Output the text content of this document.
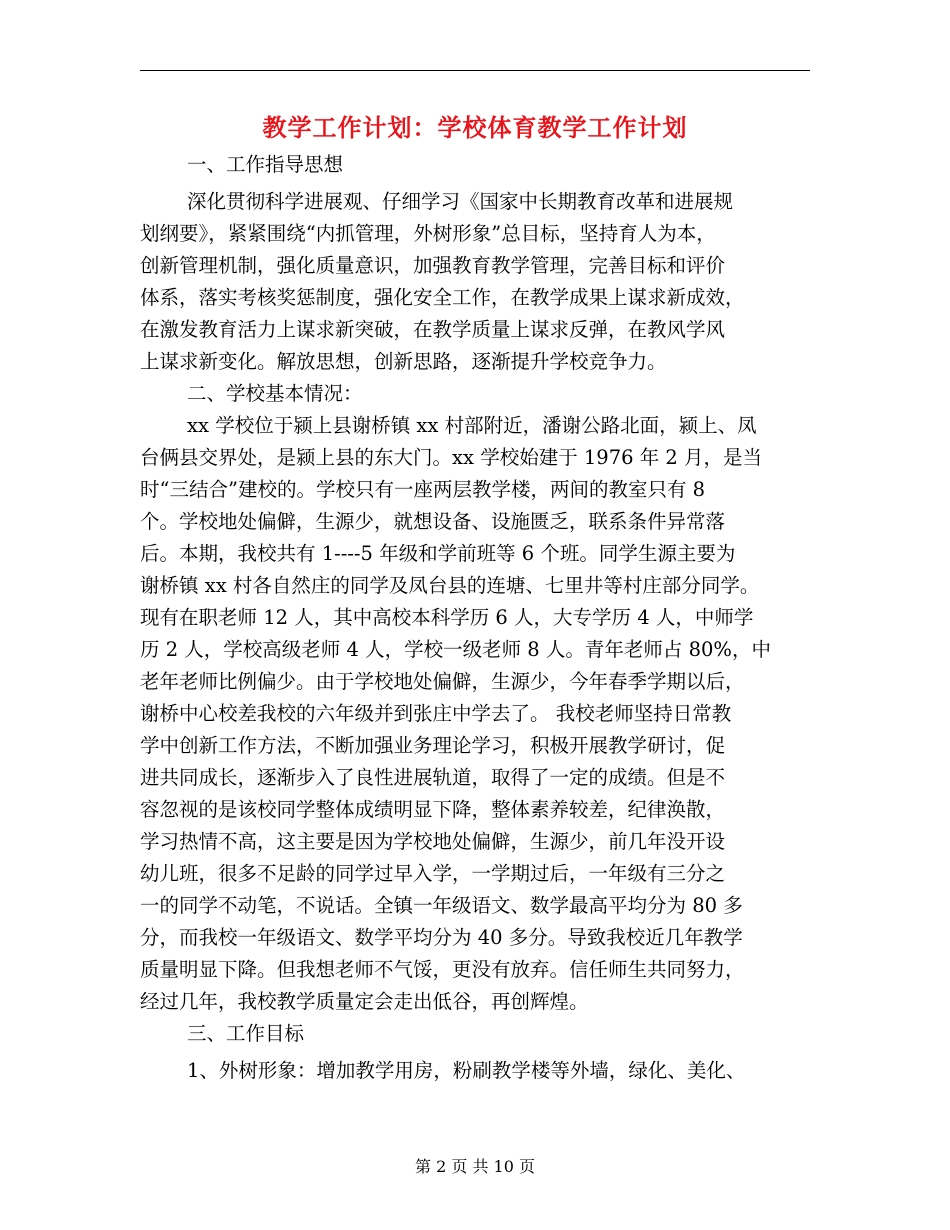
教学工作计划：学校体育教学工作计划
一、工作指导思想
深化贯彻科学进展观、仔细学习《国家中长期教育改革和进展规
划纲要》，紧紧围绕“内抓管理，外树形象”总目标，坚持育人为本，
创新管理机制，强化质量意识，加强教育教学管理，完善目标和评价
体系，落实考核奖惩制度，强化安全工作，在教学成果上谋求新成效，
在激发教育活力上谋求新突破，在教学质量上谋求反弹，在教风学风
上谋求新变化。解放思想，创新思路，逐渐提升学校竞争力。
二、学校基本情况：
xx 学校位于颍上县谢桥镇 xx 村部附近，潘谢公路北面，颍上、凤
台俩县交界处，是颍上县的东大门。xx 学校始建于 1976 年 2 月，是当
时“三结合”建校的。学校只有一座两层教学楼，两间的教室只有 8
个。学校地处偏僻，生源少，就想设备、设施匮乏，联系条件异常落
后。本期，我校共有 1----5 年级和学前班等 6 个班。同学生源主要为
谢桥镇 xx 村各自然庄的同学及凤台县的连塘、七里井等村庄部分同学。
现有在职老师 12 人，其中高校本科学历 6 人，大专学历 4 人，中师学
历 2 人，学校高级老师 4 人，学校一级老师 8 人。青年老师占 80%，中
老年老师比例偏少。由于学校地处偏僻，生源少，今年春季学期以后，
谢桥中心校差我校的六年级并到张庄中学去了。 我校老师坚持日常教
学中创新工作方法，不断加强业务理论学习，积极开展教学研讨，促
进共同成长，逐渐步入了良性进展轨道，取得了一定的成绩。但是不
容忽视的是该校同学整体成绩明显下降，整体素养较差，纪律涣散，
学习热情不高，这主要是因为学校地处偏僻，生源少，前几年没开设
幼儿班，很多不足龄的同学过早入学，一学期过后，一年级有三分之
一的同学不动笔，不说话。全镇一年级语文、数学最高平均分为 80 多
分，而我校一年级语文、数学平均分为 40 多分。导致我校近几年教学
质量明显下降。但我想老师不气馁，更没有放弃。信任师生共同努力，
经过几年，我校教学质量定会走出低谷，再创辉煌。
三、工作目标
1、外树形象：增加教学用房，粉刷教学楼等外墙，绿化、美化、
第 2 页 共 10 页
